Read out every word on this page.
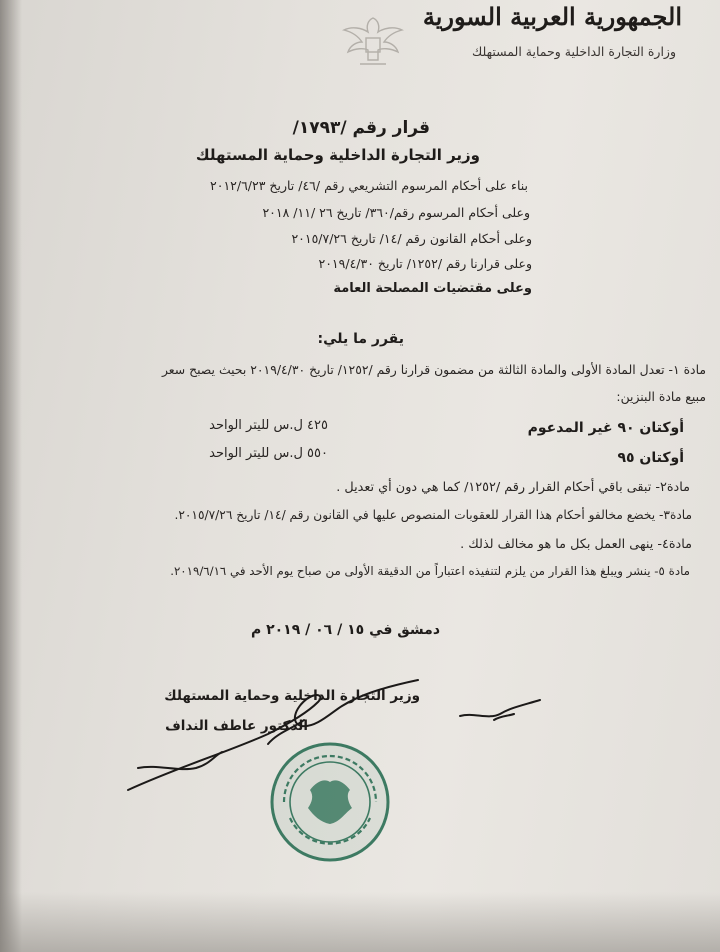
الجمهورية العربية السورية
وزارة التجارة الداخلية وحماية المستهلك
قرار رقم /١٧٩٣/
وزير التجارة الداخلية وحماية المستهلك
بناء على أحكام المرسوم التشريعي رقم /٤٦/ تاريخ ٢٠١٢/٦/٢٣
وعلى أحكام المرسوم رقم/٣٦٠/ تاريخ ٢٦ /١١/ ٢٠١٨
وعلى أحكام القانون رقم /١٤/ تاريخ ٢٠١٥/٧/٢٦
وعلى قرارنا رقم /١٢٥٢/ تاريخ ٢٠١٩/٤/٣٠
وعلى مقتضيات المصلحة العامة
يقرر ما يلي:
مادة ١- تعدل المادة الأولى والمادة الثالثة من مضمون قرارنا رقم /١٢٥٢/ تاريخ ٢٠١٩/٤/٣٠ بحيث يصبح سعر
مبيع مادة البنزين:
أوكتان ٩٠ غير المدعوم
٤٢٥ ل.س لليتر الواحد
أوكتان ٩٥
٥٥٠ ل.س لليتر الواحد
مادة٢- تبقى باقي أحكام القرار رقم /١٢٥٢/ كما هي دون أي تعديل .
مادة٣- يخضع مخالفو أحكام هذا القرار للعقوبات المنصوص عليها في القانون رقم /١٤/ تاريخ ٢٠١٥/٧/٢٦.
مادة٤- ينهى العمل بكل ما هو مخالف لذلك .
مادة ٥- ينشر ويبلغ هذا القرار من يلزم لتنفيذه اعتباراً من الدقيقة الأولى من صباح يوم الأحد في ٢٠١٩/٦/١٦.
دمشق في ١٥ / ٠٦ / ٢٠١٩ م
وزير التجارة الداخلية وحماية المستهلك
الدكتور عاطف النداف
